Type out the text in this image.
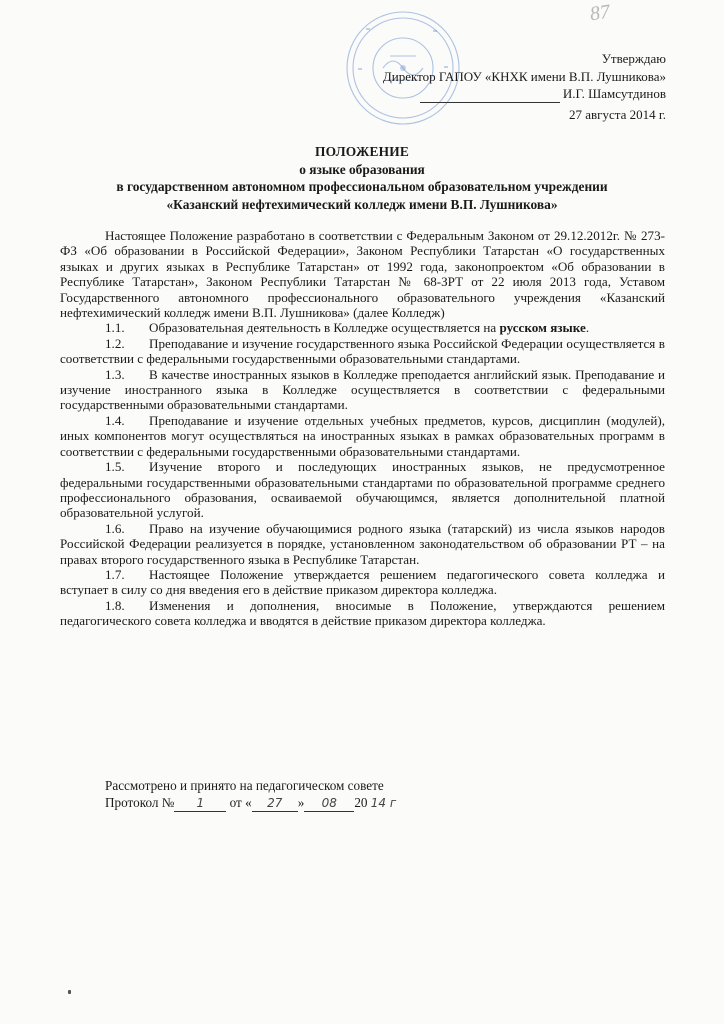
87
Утверждаю
Директор ГАПОУ «КНХК имени В.П. Лушникова»
И.Г. Шамсутдинов
27 августа 2014 г.
ПОЛОЖЕНИЕ
о языке образования
в государственном автономном профессиональном образовательном учреждении
«Казанский нефтехимический колледж имени В.П. Лушникова»

Настоящее Положение разработано в соответствии с Федеральным Законом от 29.12.2012г. № 273-ФЗ «Об образовании в Российской Федерации», Законом Республики Татарстан «О государственных языках и других языках в Республике Татарстан» от 1992 года, законопроектом «Об образовании в Республике Татарстан», Законом Республики Татарстан № 68-ЗРТ от 22 июля 2013 года, Уставом Государственного автономного профессионального образовательного учреждения «Казанский нефтехимический колледж имени В.П. Лушникова» (далее Колледж)

1.1. Образовательная деятельность в Колледже осуществляется на русском языке.

1.2. Преподавание и изучение государственного языка Российской Федерации осуществляется в соответствии с федеральными государственными образовательными стандартами.

1.3. В качестве иностранных языков в Колледже преподается английский язык. Преподавание и изучение иностранного языка в Колледже осуществляется в соответствии с федеральными государственными образовательными стандартами.

1.4. Преподавание и изучение отдельных учебных предметов, курсов, дисциплин (модулей), иных компонентов могут осуществляться на иностранных языках в рамках образовательных программ в соответствии с федеральными государственными образовательными стандартами.

1.5. Изучение второго и последующих иностранных языков, не предусмотренное федеральными государственными образовательными стандартами по образовательной программе среднего профессионального образования, осваиваемой обучающимся, является дополнительной платной образовательной услугой.

1.6. Право на изучение обучающимися родного языка (татарский) из числа языков народов Российской Федерации реализуется в порядке, установленном законодательством об образовании РТ – на правах второго государственного языка в Республике Татарстан.

1.7. Настоящее Положение утверждается решением педагогического совета колледжа и вступает в силу со дня введения его в действие приказом директора колледжа.

1.8. Изменения и дополнения, вносимые в Положение, утверждаются решением педагогического совета колледжа и вводятся в действие приказом директора колледжа.

Рассмотрено и принято на педагогическом совете
Протокол № 1 от « 27 » 08 20 14 г
